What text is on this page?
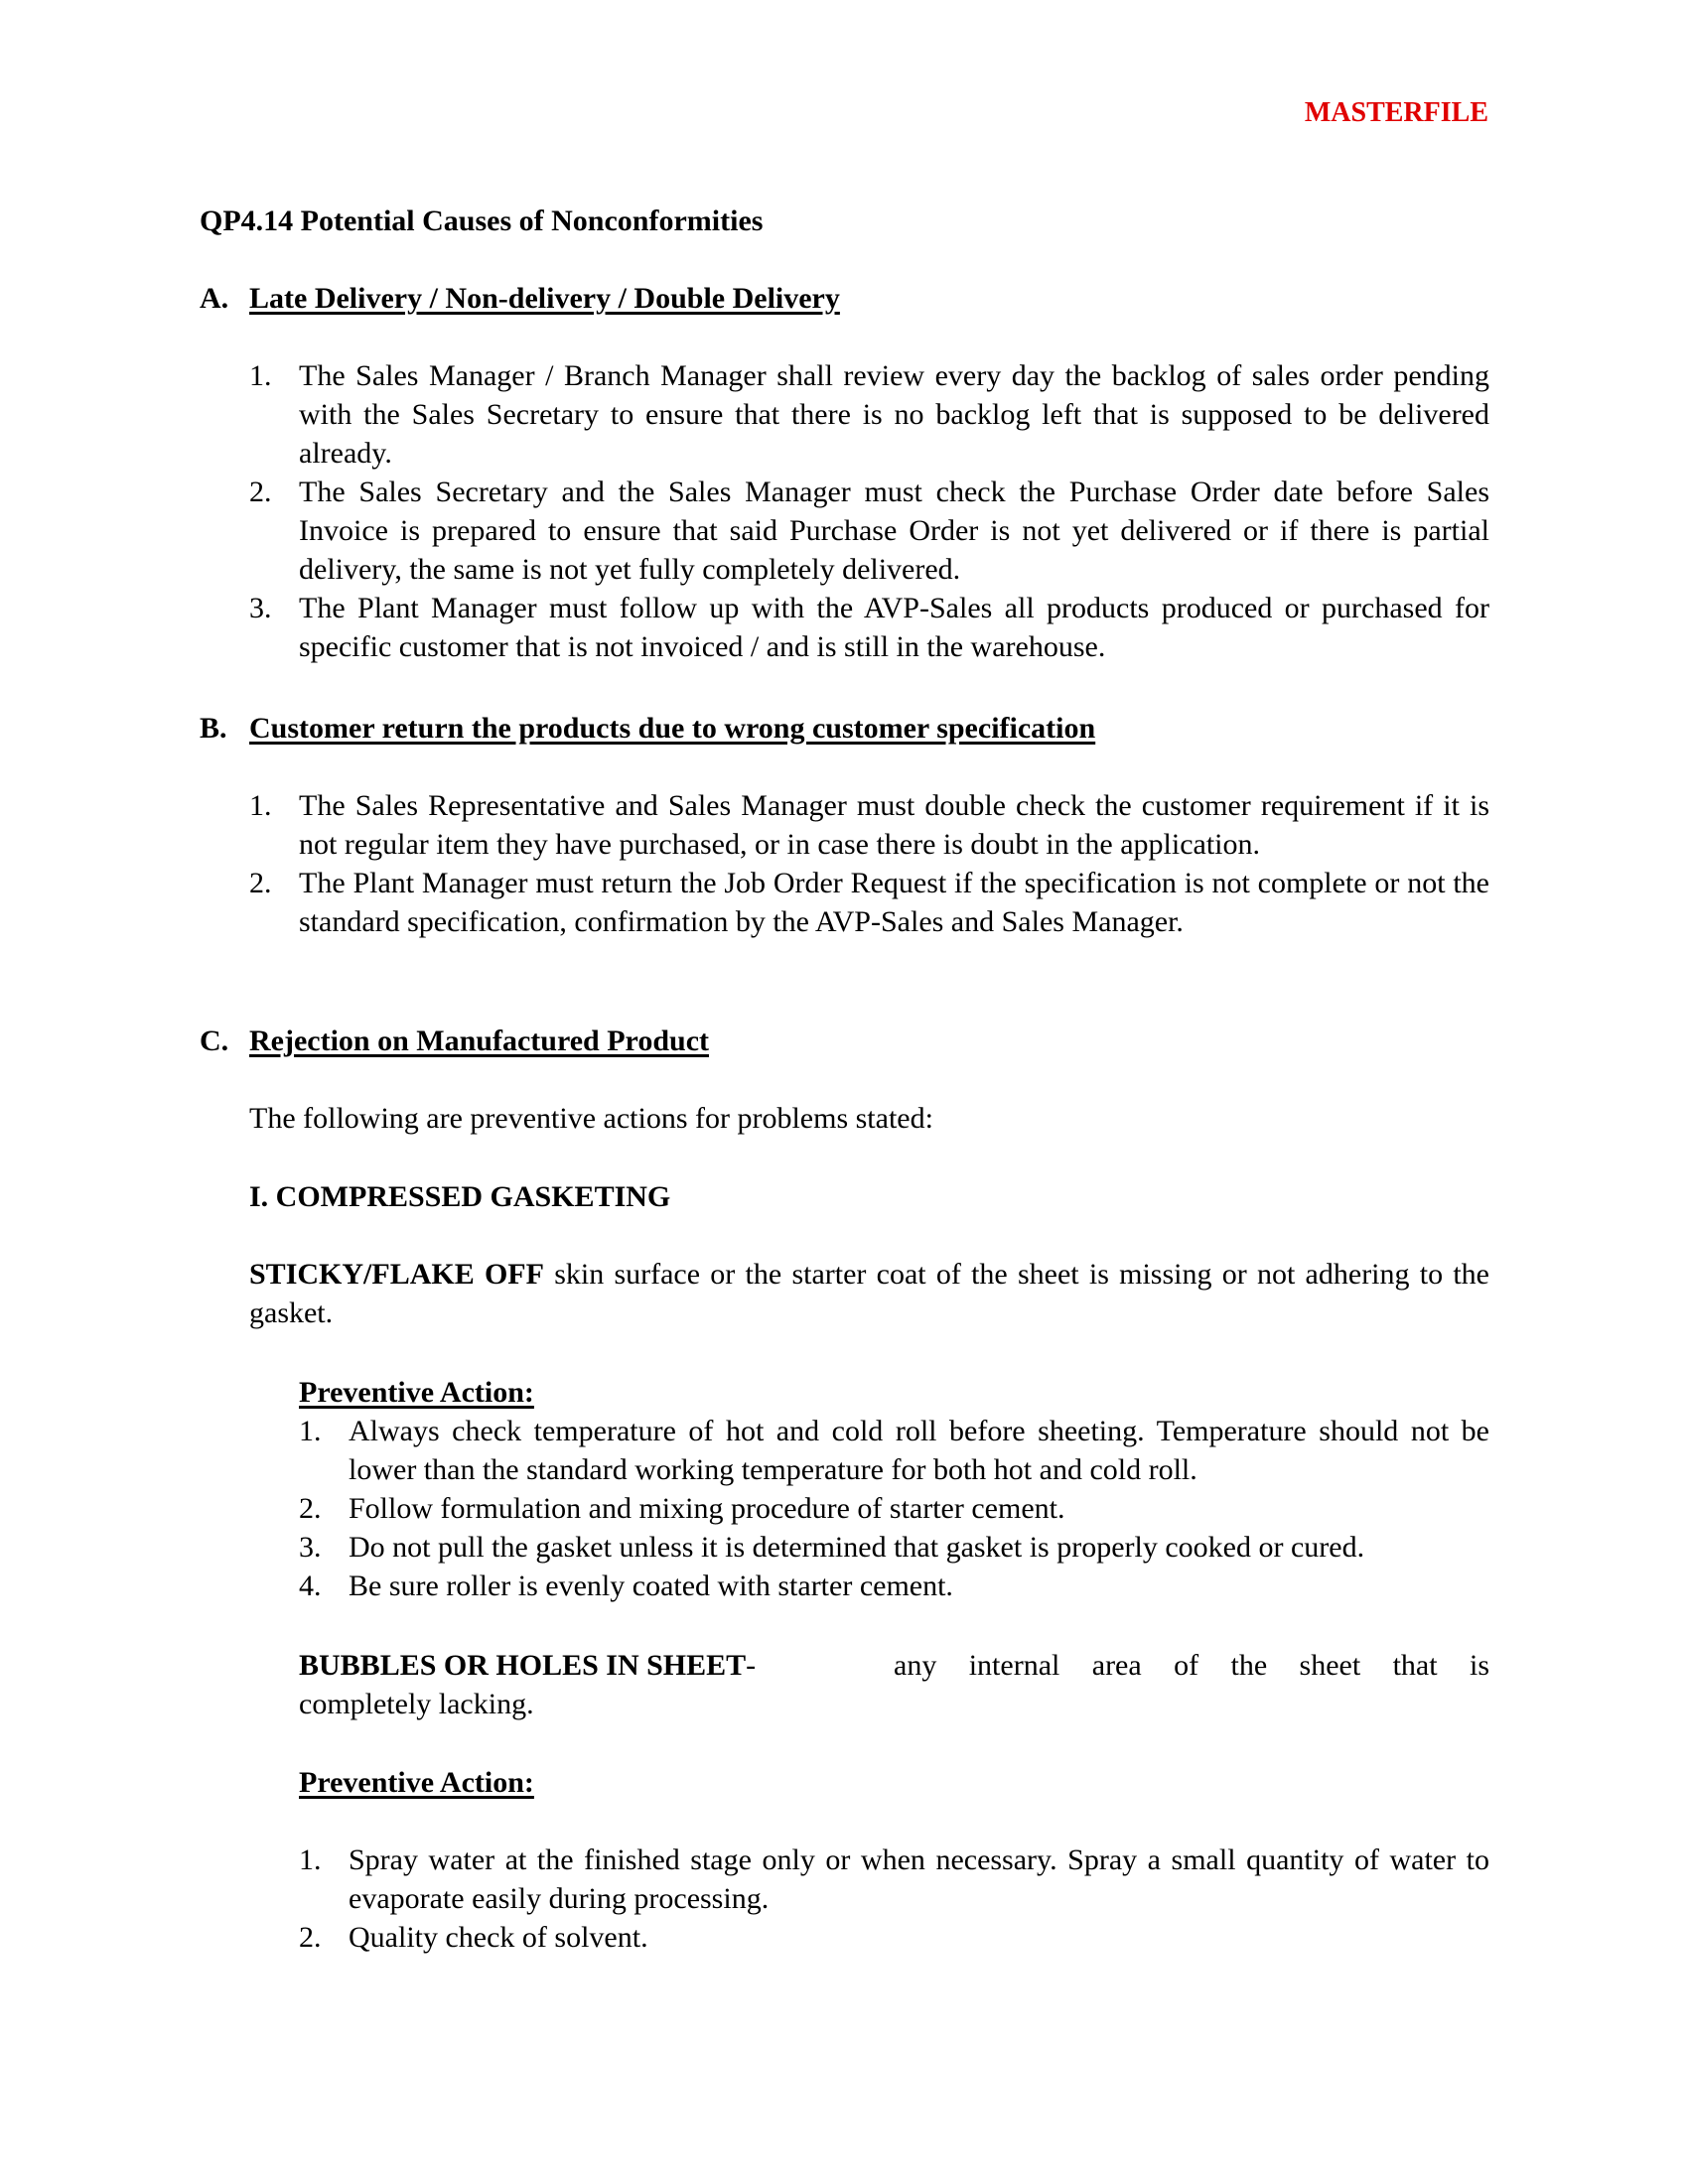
MASTERFILE
QP4.14 Potential Causes of Nonconformities
A. Late Delivery / Non-delivery / Double Delivery
1. The Sales Manager / Branch Manager shall review every day the backlog of sales order pending with the Sales Secretary to ensure that there is no backlog left that is supposed to be delivered already.
2. The Sales Secretary and the Sales Manager must check the Purchase Order date before Sales Invoice is prepared to ensure that said Purchase Order is not yet delivered or if there is partial delivery, the same is not yet fully completely delivered.
3. The Plant Manager must follow up with the AVP-Sales all products produced or purchased for specific customer that is not invoiced / and is still in the warehouse.
B. Customer return the products due to wrong customer specification
1. The Sales Representative and Sales Manager must double check the customer requirement if it is not regular item they have purchased, or in case there is doubt in the application.
2. The Plant Manager must return the Job Order Request if the specification is not complete or not the standard specification, confirmation by the AVP-Sales and Sales Manager.
C. Rejection on Manufactured Product
The following are preventive actions for problems stated:
I. COMPRESSED GASKETING
STICKY/FLAKE OFF skin surface or the starter coat of the sheet is missing or not adhering to the gasket.
Preventive Action:
1. Always check temperature of hot and cold roll before sheeting. Temperature should not be lower than the standard working temperature for both hot and cold roll.
2. Follow formulation and mixing procedure of starter cement.
3. Do not pull the gasket unless it is determined that gasket is properly cooked or cured.
4. Be sure roller is evenly coated with starter cement.
BUBBLES OR HOLES IN SHEET-	any internal area of the sheet that is
completely lacking.
Preventive Action:
1. Spray water at the finished stage only or when necessary. Spray a small quantity of water to evaporate easily during processing.
2. Quality check of solvent.
